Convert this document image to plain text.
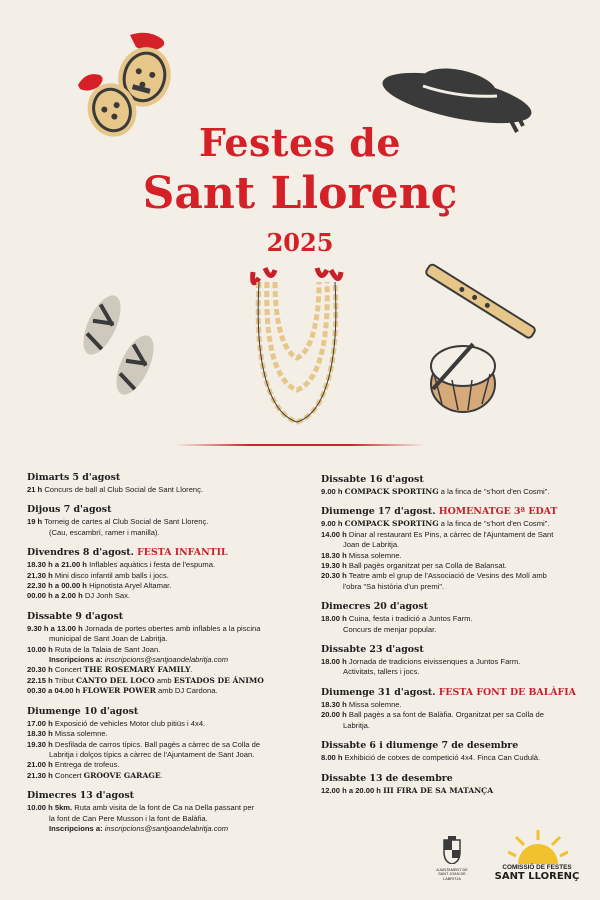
Festes de
Sant Llorenç
2025
Dimarts 5 d'agost
21 h Concurs de ball al Club Social de Sant Llorenç.
Dijous 7 d'agost
19 h Torneig de cartes al Club Social de Sant Llorenç.
(Cau, escambrí, ramer i manilla).
Divendres 8 d'agost. FESTA INFANTIL
18.30 h a 21.00 h Inflables aquàtics i festa de l'espuma.
21.30 h Mini disco infantil amb balls i jocs.
22.30 h a 00.00 h Hipnotista Aryel Altamar.
00.00 h a 2.00 h DJ Jonh Sax.
Dissabte 9 d'agost
9.30 h a 13.00 h Jornada de portes obertes amb inflables a la piscina
municipal de Sant Joan de Labritja.
10.00 h Ruta de la Talaia de Sant Joan.
Inscripcions a: inscripcions@santjoandelabritja.com
20.30 h Concert THE ROSEMARY FAMILY.
22.15 h Tribut CANTO DEL LOCO amb ESTADOS DE ÁNIMO
00.30 a 04.00 h FLOWER POWER amb DJ Cardona.
Diumenge 10 d'agost
17.00 h Exposició de vehicles Motor club pitiüs i 4x4.
18.30 h Missa solemne.
19.30 h Desfilada de carros típics. Ball pagès a càrrec de sa Colla de
Labritja i dolços típics a càrrec de l'Ajuntament de Sant Joan.
21.00 h Entrega de trofeus.
21.30 h Concert GROOVE GARAGE.
Dimecres 13 d'agost
10.00 h 5km. Ruta amb visita de la font de Ca na Della passant per
la font de Can Pere Musson i la font de Balàfia.
Inscripcions a: inscripcions@santjoandelabritja.com
Dissabte 16 d'agost
9.00 h COMPACK SPORTING a la finca de "s'hort d'en Cosmi".
Diumenge 17 d'agost. HOMENATGE 3ª EDAT
9.00 h COMPACK SPORTING a la finca de "s'hort d'en Cosmi".
14.00 h Dinar al restaurant Es Pins, a càrrec de l'Ajuntament de Sant
Joan de Labritja.
18.30 h Missa solemne.
19.30 h Ball pagès organitzat per sa Colla de Balansat.
20.30 h Teatre amb el grup de l'Associació de Vesins des Molí amb
l'obra "Sa història d'un premi".
Dimecres 20 d'agost
18.00 h Cuina, festa i tradició a Juntos Farm.
Concurs de menjar popular.
Dissabte 23 d'agost
18.00 h Jornada de tradicions eivissenques a Juntos Farm.
Activitats, tallers i jocs.
Diumenge 31 d'agost. FESTA FONT DE BALÀFIA
18.30 h Missa solemne.
20.00 h Ball pagès a sa font de Balàfia. Organitzat per sa Colla de
Labritja.
Dissabte 6 i diumenge 7 de desembre
8.00 h Exhibició de cotxes de competició 4x4. Finca Can Cudulà.
Dissabte 13 de desembre
12.00 h a 20.00 h III FIRA DE SA MATANÇA
AJUNTAMENT DE
SANT JOAN DE LABRITJA
COMISSIÓ DE FESTES
SANT LLORENÇ
